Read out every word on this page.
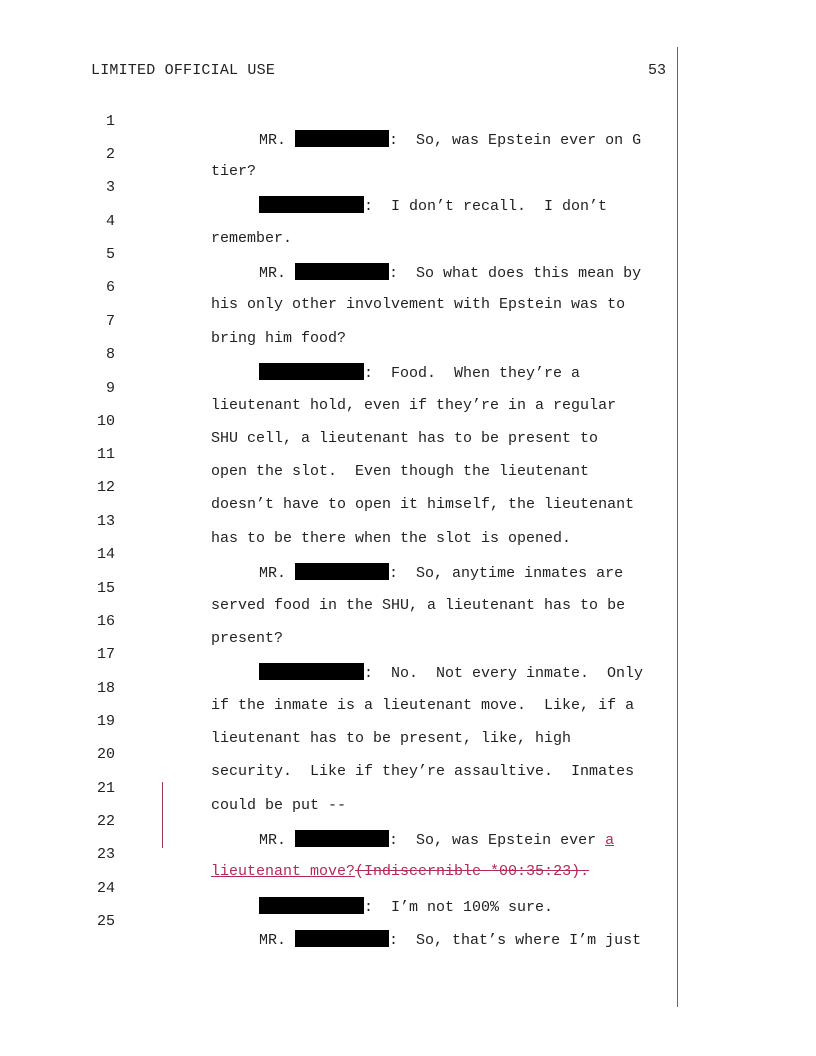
LIMITED OFFICIAL USE	53

1

MR.	:  So, was Epstein ever on G

2

tier?

3

:  I don’t recall.  I don’t

4

remember.

5

MR.	:  So what does this mean by

6

his only other involvement with Epstein was to

7

bring him food?

8

:  Food.  When they’re a

9

lieutenant hold, even if they’re in a regular

10

SHU cell, a lieutenant has to be present to

11

open the slot.  Even though the lieutenant

12

doesn’t have to open it himself, the lieutenant

13

has to be there when the slot is opened.

14

MR.	:  So, anytime inmates are

15

served food in the SHU, a lieutenant has to be

16

present?

17

:  No.  Not every inmate.  Only

18

if the inmate is a lieutenant move.  Like, if a

19

lieutenant has to be present, like, high

20

security.  Like if they’re assaultive.  Inmates

21

could be put --

22

MR.	:  So, was Epstein ever a

23

lieutenant move?(Indiscernible *00:35:23).

24

:  I’m not 100% sure.

25

MR.	:  So, that’s where I’m just
